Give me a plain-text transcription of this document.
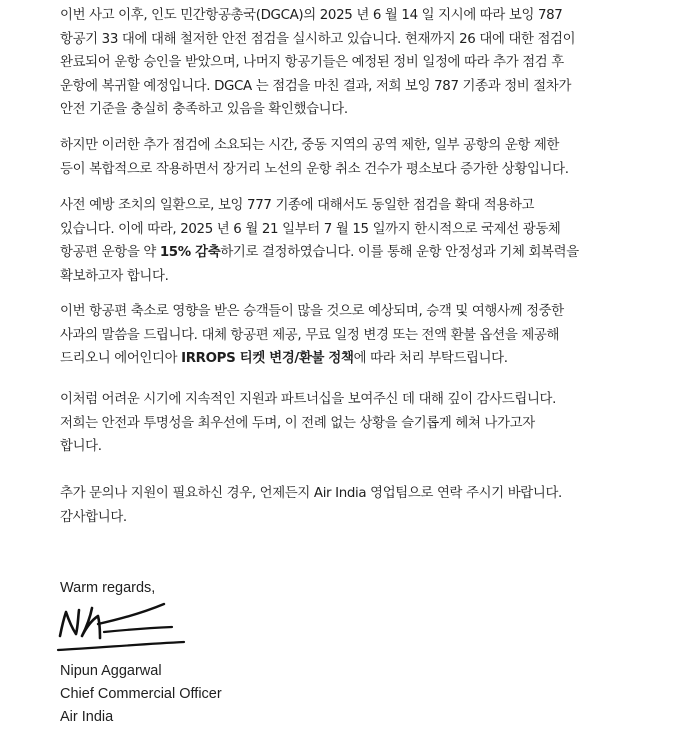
이번 사고 이후, 인도 민간항공총국(DGCA)의 2025 년 6 월 14 일 지시에 따라 보잉 787
항공기 33 대에 대해 철저한 안전 점검을 실시하고 있습니다. 현재까지 26 대에 대한 점검이
완료되어 운항 승인을 받았으며, 나머지 항공기들은 예정된 정비 일정에 따라 추가 점검 후
운항에 복귀할 예정입니다. DGCA 는 점검을 마친 결과, 저희 보잉 787 기종과 정비 절차가
안전 기준을 충실히 충족하고 있음을 확인했습니다.

하지만 이러한 추가 점검에 소요되는 시간, 중동 지역의 공역 제한, 일부 공항의 운항 제한
등이 복합적으로 작용하면서 장거리 노선의 운항 취소 건수가 평소보다 증가한 상황입니다.

사전 예방 조치의 일환으로, 보잉 777 기종에 대해서도 동일한 점검을 확대 적용하고
있습니다. 이에 따라, 2025 년 6 월 21 일부터 7 월 15 일까지 한시적으로 국제선 광동체
항공편 운항을 약 15% 감축하기로 결정하였습니다. 이를 통해 운항 안정성과 기체 회복력을
확보하고자 합니다.

이번 항공편 축소로 영향을 받은 승객들이 많을 것으로 예상되며, 승객 및 여행사께 정중한
사과의 말씀을 드립니다. 대체 항공편 제공, 무료 일정 변경 또는 전액 환불 옵션을 제공해
드리오니 에어인디아 IRROPS 티켓 변경/환불 정책에 따라 처리 부탁드립니다.

이처럼 어려운 시기에 지속적인 지원과 파트너십을 보여주신 데 대해 깊이 감사드립니다.
저희는 안전과 투명성을 최우선에 두며, 이 전례 없는 상황을 슬기롭게 헤쳐 나가고자
합니다.

추가 문의나 지원이 필요하신 경우, 언제든지 Air India 영업팀으로 연락 주시기 바랍니다.
감사합니다.

Warm regards,
Nipun Aggarwal
Chief Commercial Officer
Air India
